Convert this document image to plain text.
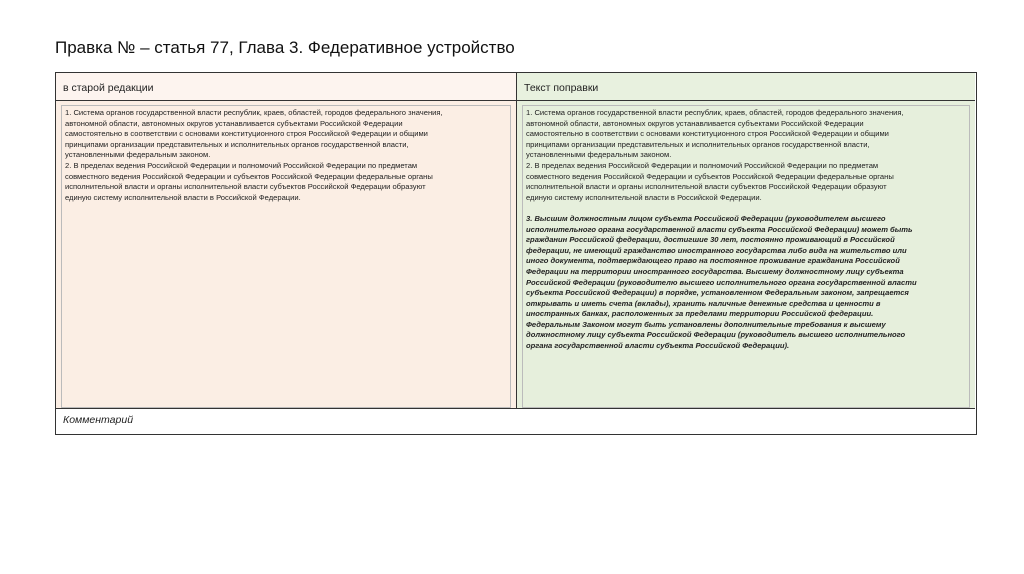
Правка № – статья 77, Глава 3. Федеративное устройство
в старой редакции	Текст поправки
1. Система органов государственной власти республик, краев, областей, городов федерального значения,
автономной области, автономных округов устанавливается субъектами Российской Федерации
самостоятельно в соответствии с основами конституционного строя Российской Федерации и общими
принципами организации представительных и исполнительных органов государственной власти,
установленными федеральным законом.
2. В пределах ведения Российской Федерации и полномочий Российской Федерации по предметам
совместного ведения Российской Федерации и субъектов Российской Федерации федеральные органы
исполнительной власти и органы исполнительной власти субъектов Российской Федерации образуют
единую систему исполнительной власти в Российской Федерации.
1. Система органов государственной власти республик, краев, областей, городов федерального значения,
автономной области, автономных округов устанавливается субъектами Российской Федерации
самостоятельно в соответствии с основами конституционного строя Российской Федерации и общими
принципами организации представительных и исполнительных органов государственной власти,
установленными федеральным законом.
2. В пределах ведения Российской Федерации и полномочий Российской Федерации по предметам
совместного ведения Российской Федерации и субъектов Российской Федерации федеральные органы
исполнительной власти и органы исполнительной власти субъектов Российской Федерации образуют
единую систему исполнительной власти в Российской Федерации.
3. Высшим должностным лицом субъекта Российской Федерации (руководителем высшего
исполнительного органа государственной власти субъекта Российской Федерации) может быть
гражданин Российской федерации, достигшие 30 лет, постоянно проживающий в Российской
федерации, не имеющий гражданство иностранного государства либо вида на жительство или
иного документа, подтверждающего право на постоянное проживание гражданина Российской
Федерации на территории иностранного государства. Высшему должностному лицу субъекта
Российской Федерации (руководителю высшего исполнительного органа государственной власти
субъекта Российской Федерации) в порядке, установленном Федеральным законом, запрещается
открывать и иметь счета (вклады), хранить наличные денежные средства и ценности в
иностранных банках, расположенных за пределами территории Российской федерации.
Федеральным Законом могут быть установлены дополнительные требования к высшему
должностному лицу субъекта Российской Федерации (руководитель высшего исполнительного
органа государственной власти субъекта Российской Федерации).
Комментарий
